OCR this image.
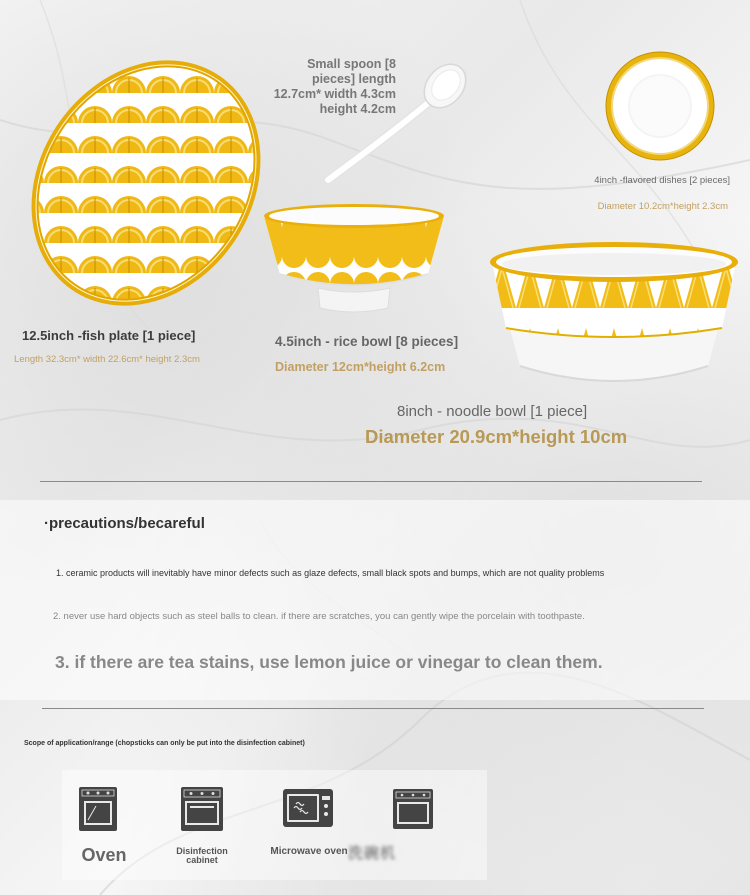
Small spoon [8 pieces] length 12.7cm* width 4.3cm height 4.2cm
4inch -flavored dishes [2 pieces]
Diameter 10.2cm*height 2.3cm
12.5inch -fish plate [1 piece]
Length 32.3cm* width 22.6cm* height 2.3cm
4.5inch - rice bowl [8 pieces]
Diameter 12cm*height 6.2cm
8inch - noodle bowl [1 piece]
Diameter 20.9cm*height 10cm
·precautions/becareful
1. ceramic products will inevitably have minor defects such as glaze defects, small black spots and bumps, which are not quality problems
2. never use hard objects such as steel balls to clean. if there are scratches, you can gently wipe the porcelain with toothpaste.
3. if there are tea stains, use lemon juice or vinegar to clean them.
Scope of application/range (chopsticks can only be put into the disinfection cabinet)
Oven	Disinfection cabinet
Microwave oven 洗碗机
